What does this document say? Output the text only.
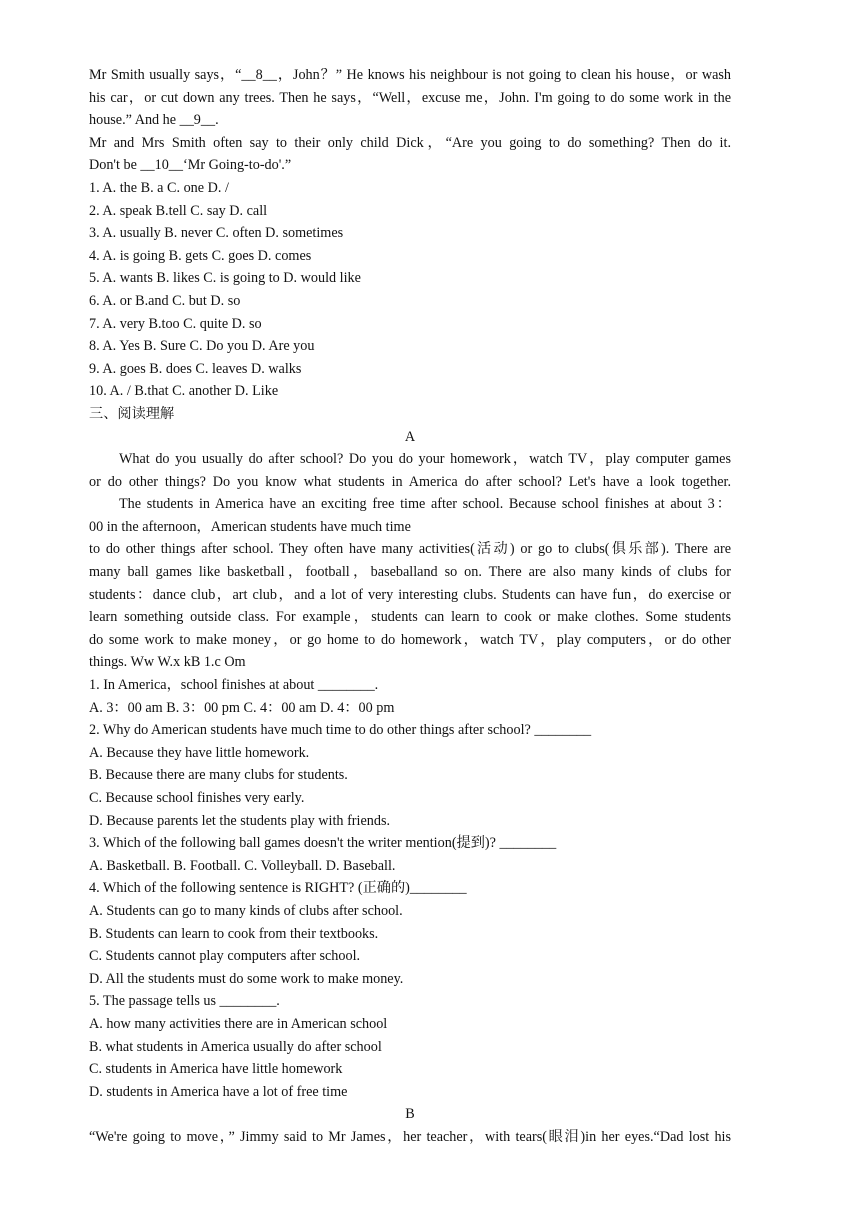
Mr Smith usually says，“__8__，John？” He knows his neighbour is not going to clean his house，or wash
his car，or cut down any trees. Then he says，“Well，excuse me，John. I'm going to do some work in the
house.” And he __9__.
Mr and Mrs Smith often say to their only child Dick，“Are you going to do something? Then do it.
Don't be __10__‘Mr Going-to-do'.”
1. A. the B. a C. one D. /
2. A. speak B.tell C. say D. call
3. A. usually B. never C. often D. sometimes
4. A. is going B. gets C. goes D. comes
5. A. wants B. likes C. is going to D. would like
6. A. or B.and C. but D. so
7. A. very B.too C. quite D. so
8. A. Yes B. Sure C. Do you D. Are you
9. A. goes B. does C. leaves D. walks
10. A. / B.that C. another D. Like
三、阅读理解
A
What do you usually do after school? Do you do your homework，watch TV，play computer games
or do other things? Do you know what students in America do after school? Let's have a look together.
The students in America have an exciting free time after school. Because school finishes at about 3：
00 in the afternoon，American students have much time
to do other things after school. They often have many activities(活动) or go to clubs(俱乐部). There are
many ball games like basketball，football，baseballand so on. There are also many kinds of clubs for
students：dance club，art club，and a lot of very interesting clubs. Students can have fun，do exercise or
learn something outside class. For example，students can learn to cook or make clothes. Some students
do some work to make money，or go home to do homework，watch TV，play computers，or do other
things. Ww W.x kB 1.c Om
1. In America，school finishes at about ________.
A. 3：00 am B. 3：00 pm C. 4：00 am D. 4：00 pm
2. Why do American students have much time to do other things after school? ________
A. Because they have little homework.
B. Because there are many clubs for students.
C. Because school finishes very early.
D. Because parents let the students play with friends.
3. Which of the following ball games doesn't the writer mention(提到)? ________
A. Basketball. B. Football. C. Volleyball. D. Baseball.
4. Which of the following sentence is RIGHT? (正确的)________
A. Students can go to many kinds of clubs after school.
B. Students can learn to cook from their textbooks.
C. Students cannot play computers after school.
D. All the students must do some work to make money.
5. The passage tells us ________.
A. how many activities there are in American school
B. what students in America usually do after school
C. students in America have little homework
D. students in America have a lot of free time
B
“We're going to move，” Jimmy said to Mr James，her teacher，with tears(眼泪)in her eyes.“Dad lost his
